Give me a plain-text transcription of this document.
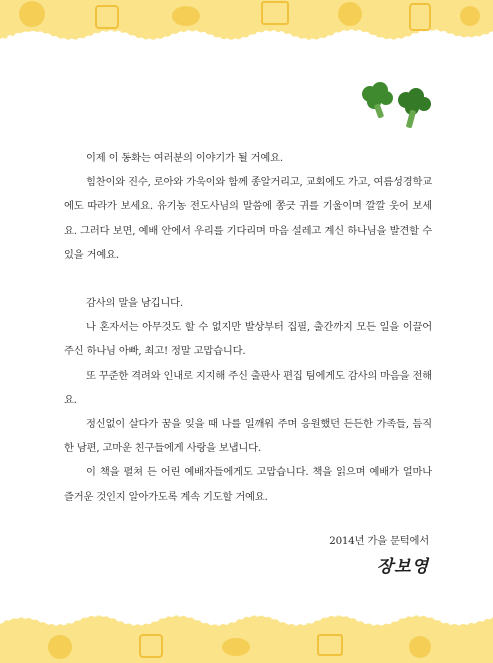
이제 이 동화는 여러분의 이야기가 될 거예요.

힘찬이와 진수, 로아와 가욱이와 함께 종알거리고, 교회에도 가고, 여름성경학교에도 따라가 보세요. 유기농 전도사님의 말씀에 쫑긋 귀를 기울이며 깔깔 웃어 보세요. 그러다 보면, 예배 안에서 우리를 기다리며 마음 설레고 계신 하나님을 발견할 수 있을 거예요.

감사의 말을 남깁니다.

나 혼자서는 아무것도 할 수 없지만 발상부터 집필, 출간까지 모든 일을 이끌어 주신 하나님 아빠, 최고! 정말 고맙습니다.

또 꾸준한 격려와 인내로 지지해 주신 출판사 편집 팀에게도 감사의 마음을 전해요.

정신없이 살다가 꿈을 잊을 때 나를 일깨워 주며 응원했던 든든한 가족들, 듬직한 남편, 고마운 친구들에게 사랑을 보냅니다.

이 책을 펼쳐 든 어린 예배자들에게도 고맙습니다. 책을 읽으며 예배가 얼마나 즐거운 것인지 알아가도록 계속 기도할 거예요.

2014년 가을 문턱에서
장보영
